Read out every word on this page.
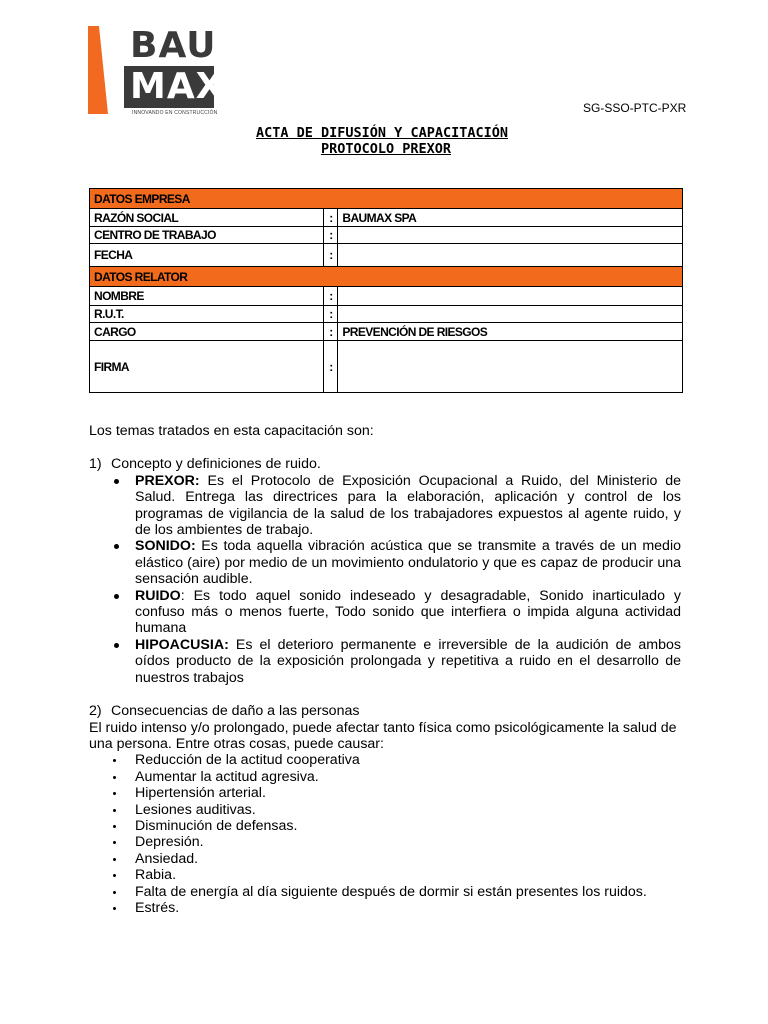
BAU
MAX
INNOVANDO EN CONSTRUCCIÓN	SG-SSO-PTC-PXR
ACTA DE DIFUSIÓN Y CAPACITACIÓN
PROTOCOLO PREXOR
DATOS EMPRESA		
RAZÓN SOCIAL	:	BAUMAX SPA
CENTRO DE TRABAJO	:	
FECHA	:	
DATOS RELATOR		
NOMBRE	:	
R.U.T.	:	
CARGO	:	PREVENCIÓN DE RIESGOS
FIRMA	:	

Los temas tratados en esta capacitación son:

1) Concepto y definiciones de ruido.
PREXOR: Es el Protocolo de Exposición Ocupacional a Ruido, del Ministerio de Salud. Entrega las directrices para la elaboración, aplicación y control de los programas de vigilancia de la salud de los trabajadores expuestos al agente ruido, y de los ambientes de trabajo.
SONIDO: Es toda aquella vibración acústica que se transmite a través de un medio elástico (aire) por medio de un movimiento ondulatorio y que es capaz de producir una sensación audible.
RUIDO: Es todo aquel sonido indeseado y desagradable, Sonido inarticulado y confuso más o menos fuerte, Todo sonido que interfiera o impida alguna actividad humana
HIPOACUSIA: Es el deterioro permanente e irreversible de la audición de ambos oídos producto de la exposición prolongada y repetitiva a ruido en el desarrollo de nuestros trabajos
2) Consecuencias de daño a las personas

El ruido intenso y/o prolongado, puede afectar tanto física como psicológicamente la salud de una persona. Entre otras cosas, puede causar:

Reducción de la actitud cooperativa
Aumentar la actitud agresiva.
Hipertensión arterial.
Lesiones auditivas.
Disminución de defensas.
Depresión.
Ansiedad.
Rabia.
Falta de energía al día siguiente después de dormir si están presentes los ruidos.
Estrés.
